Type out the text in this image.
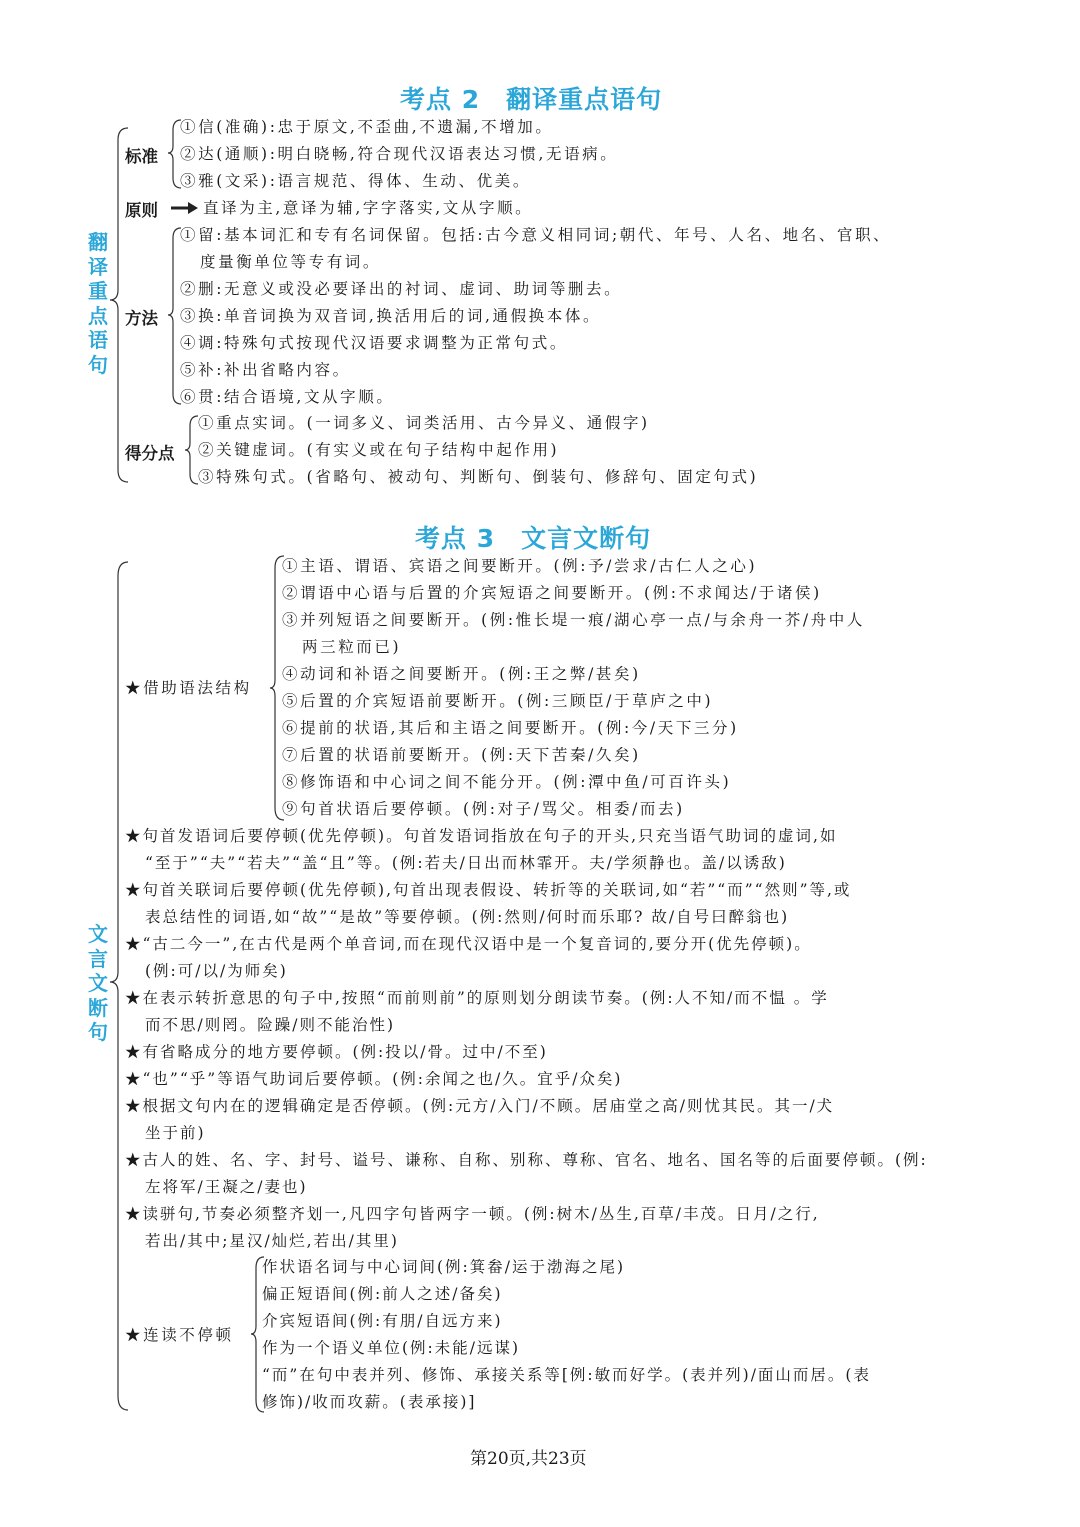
考点 2　翻译重点语句
翻译重点语句
标准
①信(准确):忠于原文,不歪曲,不遗漏,不增加。
②达(通顺):明白晓畅,符合现代汉语表达习惯,无语病。
③雅(文采):语言规范、得体、生动、优美。
原则	直译为主,意译为辅,字字落实,文从字顺。
方法
①留:基本词汇和专有名词保留。包括:古今意义相同词;朝代、年号、人名、地名、官职、
度量衡单位等专有词。
②删:无意义或没必要译出的衬词、虚词、助词等删去。
③换:单音词换为双音词,换活用后的词,通假换本体。
④调:特殊句式按现代汉语要求调整为正常句式。
⑤补:补出省略内容。
⑥贯:结合语境,文从字顺。
得分点
①重点实词。(一词多义、词类活用、古今异义、通假字)
②关键虚词。(有实义或在句子结构中起作用)
③特殊句式。(省略句、被动句、判断句、倒装句、修辞句、固定句式)
考点 3　文言文断句
文言文断句
★借助语法结构
①主语、谓语、宾语之间要断开。(例:予/尝求/古仁人之心)
②谓语中心语与后置的介宾短语之间要断开。(例:不求闻达/于诸侯)
③并列短语之间要断开。(例:惟长堤一痕/湖心亭一点/与余舟一芥/舟中人
两三粒而已)
④动词和补语之间要断开。(例:王之弊/甚矣)
⑤后置的介宾短语前要断开。(例:三顾臣/于草庐之中)
⑥提前的状语,其后和主语之间要断开。(例:今/天下三分)
⑦后置的状语前要断开。(例:天下苦秦/久矣)
⑧修饰语和中心词之间不能分开。(例:潭中鱼/可百许头)
⑨句首状语后要停顿。(例:对子/骂父。相委/而去)
★句首发语词后要停顿(优先停顿)。句首发语词指放在句子的开头,只充当语气助词的虚词,如
“至于”“夫”“若夫”“盖“且”等。(例:若夫/日出而林霏开。夫/学须静也。盖/以诱敌)
★句首关联词后要停顿(优先停顿),句首出现表假设、转折等的关联词,如“若”“而”“然则”等,或
表总结性的词语,如“故”“是故”等要停顿。(例:然则/何时而乐耶? 故/自号曰醉翁也)
★“古二今一”,在古代是两个单音词,而在现代汉语中是一个复音词的,要分开(优先停顿)。
(例:可/以/为师矣)
★在表示转折意思的句子中,按照“而前则前”的原则划分朗读节奏。(例:人不知/而不愠 。学
而不思/则罔。险躁/则不能治性)
★有省略成分的地方要停顿。(例:投以/骨。过中/不至)
★“也”“乎”等语气助词后要停顿。(例:余闻之也/久。宜乎/众矣)
★根据文句内在的逻辑确定是否停顿。(例:元方/入门/不顾。居庙堂之高/则忧其民。其一/犬
坐于前)
★古人的姓、名、字、封号、谥号、谦称、自称、别称、尊称、官名、地名、国名等的后面要停顿。(例:
左将军/王凝之/妻也)
★读骈句,节奏必须整齐划一,凡四字句皆两字一顿。(例:树木/丛生,百草/丰茂。日月/之行,
若出/其中;星汉/灿烂,若出/其里)
★连读不停顿
作状语名词与中心词间(例:箕畚/运于渤海之尾)
偏正短语间(例:前人之述/备矣)
介宾短语间(例:有朋/自远方来)
作为一个语义单位(例:未能/远谋)
“而”在句中表并列、修饰、承接关系等[例:敏而好学。(表并列)/面山而居。(表
修饰)/收而攻薪。(表承接)]
第20页,共23页
